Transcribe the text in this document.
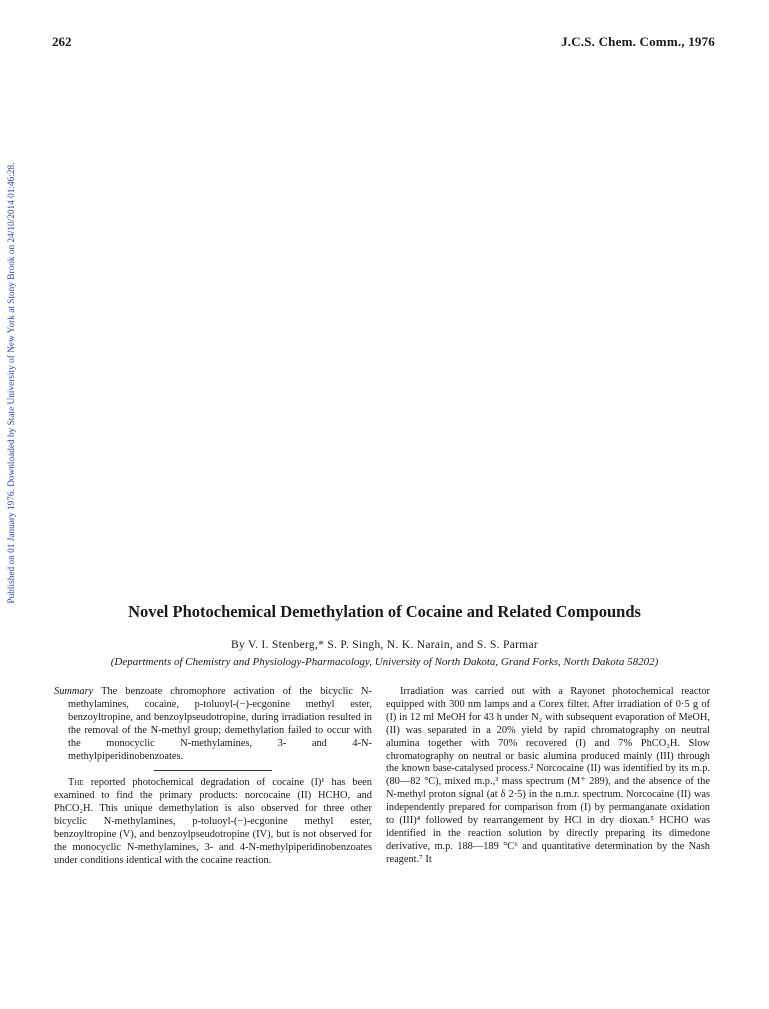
262	J.C.S. Chem. Comm., 1976
Published on 01 January 1976. Downloaded by State University of New York at Stony Brook on 24/10/2014 01:46:28.
Novel Photochemical Demethylation of Cocaine and Related Compounds
By V. I. Stenberg,* S. P. Singh, N. K. Narain, and S. S. Parmar
(Departments of Chemistry and Physiology-Pharmacology, University of North Dakota, Grand Forks, North Dakota 58202)

Summary The benzoate chromophore activation of the bicyclic N-methylamines, cocaine, p-toluoyl-(−)-ecgonine methyl ester, benzoyltropine, and benzoylpseudotropine, during irradiation resulted in the removal of the N-methyl group; demethylation failed to occur with the monocyclic N-methylamines, 3- and 4-N-methylpiperidinobenzoates.

The reported photochemical degradation of cocaine (I)¹ has been examined to find the primary products: norcocaine (II) HCHO, and PhCO₂H. This unique demethylation is also observed for three other bicyclic N-methylamines, p-toluoyl-(−)-ecgonine methyl ester, benzoyltropine (V), and benzoylpseudotropine (IV), but is not observed for the monocyclic N-methylamines, 3- and 4-N-methylpiperidinobenzoates under conditions identical with the cocaine reaction.

Irradiation was carried out with a Rayonet photochemical reactor equipped with 300 nm lamps and a Corex filter. After irradiation of 0·5 g of (I) in 12 ml MeOH for 43 h under N₂ with subsequent evaporation of MeOH, (II) was separated in a 20% yield by rapid chromatography on neutral alumina together with 70% recovered (I) and 7% PhCO₂H. Slow chromatography on neutral or basic alumina produced mainly (III) through the known base-catalysed process.² Norcocaine (II) was identified by its m.p. (80—82 °C), mixed m.p.,³ mass spectrum (M⁺ 289), and the absence of the N-methyl proton signal (at δ 2·5) in the n.m.r. spectrum. Norcocaine (II) was independently prepared for comparison from (I) by permanganate oxidation to (III)⁴ followed by rearrangement by HCl in dry dioxan.⁵ HCHO was identified in the reaction solution by directly preparing its dimedone derivative, m.p. 188—189 °C⁶ and quantitative determination by the Nash reagent.⁷ It
